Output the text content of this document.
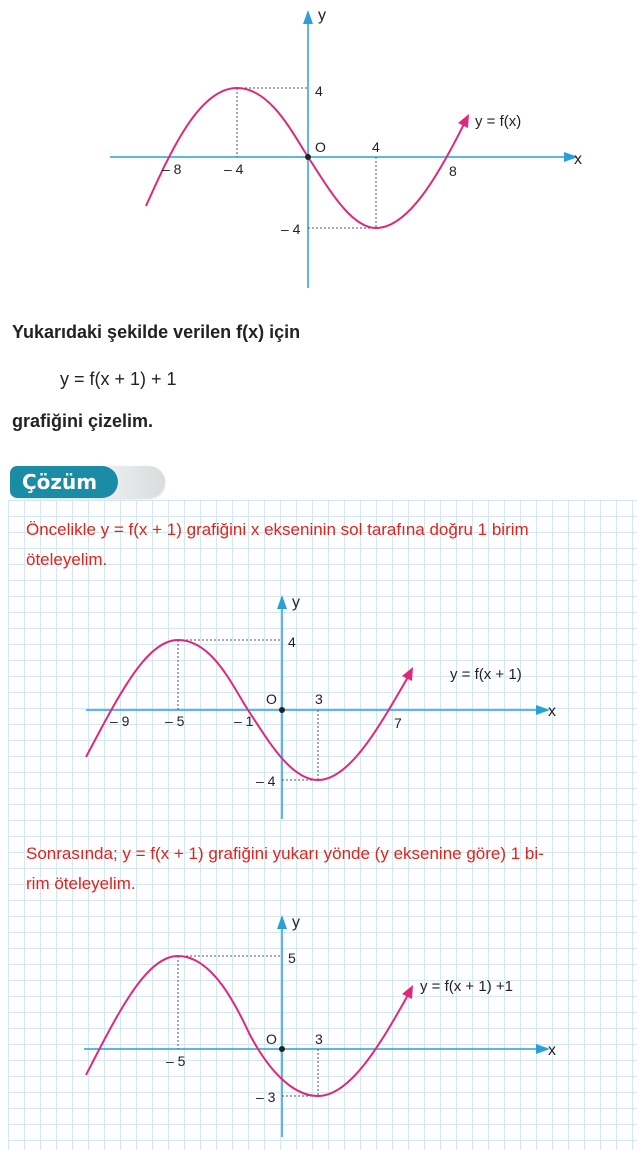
y
x
4
O	4
– 8	– 4	8
– 4
y = f(x)
Yukarıdaki şekilde verilen f(x) için
y = f(x + 1) + 1
grafiğini çizelim.
Çözüm
Öncelikle y = f(x + 1) grafiğini x ekseninin sol tarafına doğru 1 birim
öteleyelim.
y
x
4
O	3
– 9	– 5	– 1	7
– 4
y = f(x + 1)
Sonrasında; y = f(x + 1) grafiğini yukarı yönde (y eksenine göre) 1 bi-
rim öteleyelim.
y
x
5
O	3
– 5
– 3
y = f(x + 1) +1
